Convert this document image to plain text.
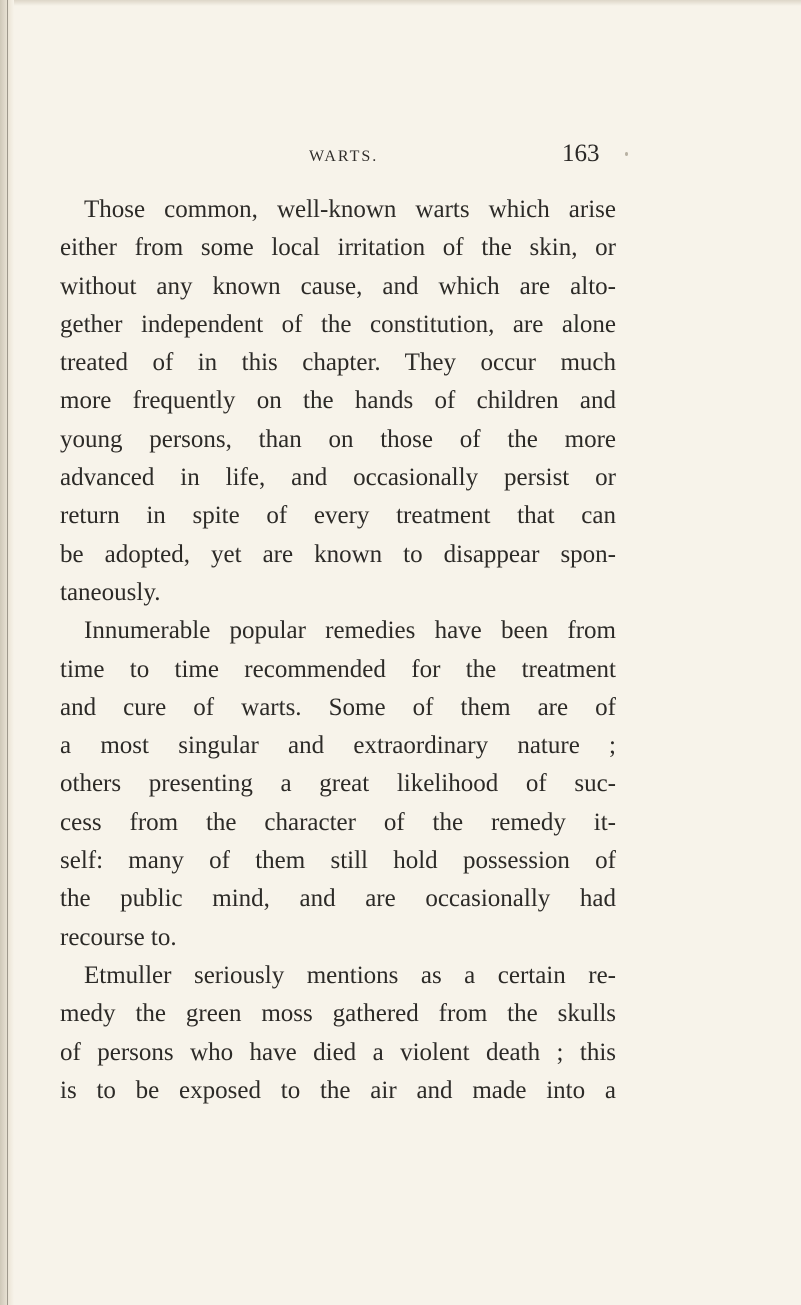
WARTS.	163
Those common, well-known warts which arise
either from some local irritation of the skin, or
without any known cause, and which are alto-
gether independent of the constitution, are alone
treated of in this chapter. They occur much
more frequently on the hands of children and
young persons, than on those of the more
advanced in life, and occasionally persist or
return in spite of every treatment that can
be adopted, yet are known to disappear spon-
taneously.
Innumerable popular remedies have been from
time to time recommended for the treatment
and cure of warts. Some of them are of
a most singular and extraordinary nature ;
others presenting a great likelihood of suc-
cess from the character of the remedy it-
self: many of them still hold possession of
the public mind, and are occasionally had
recourse to.
Etmuller seriously mentions as a certain re-
medy the green moss gathered from the skulls
of persons who have died a violent death ; this
is to be exposed to the air and made into a
